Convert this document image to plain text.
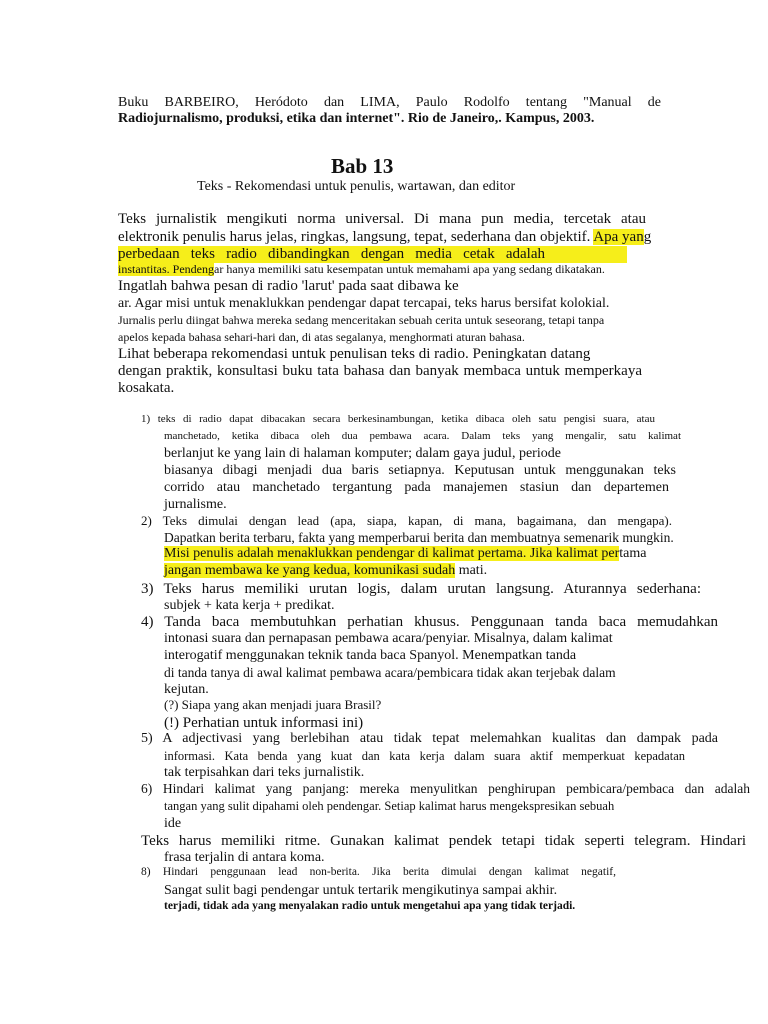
Buku BARBEIRO, Heródoto dan LIMA, Paulo Rodolfo tentang "Manual de
Radiojurnalismo, produksi, etika dan internet". Rio de Janeiro,. Kampus, 2003.
Bab 13
Teks - Rekomendasi untuk penulis, wartawan, dan editor
Teks jurnalistik mengikuti norma universal. Di mana pun media, tercetak atau
elektronik penulis harus jelas, ringkas, langsung, tepat, sederhana dan objektif. Apa yang
perbedaan teks radio dibandingkan dengan media cetak adalah
instantitas. Pendengar hanya memiliki satu kesempatan untuk memahami apa yang sedang dikatakan.
Ingatlah bahwa pesan di radio 'larut' pada saat dibawa ke
ar. Agar misi untuk menaklukkan pendengar dapat tercapai, teks harus bersifat kolokial.
Jurnalis perlu diingat bahwa mereka sedang menceritakan sebuah cerita untuk seseorang, tetapi tanpa
apelos kepada bahasa sehari-hari dan, di atas segalanya, menghormati aturan bahasa.
Lihat beberapa rekomendasi untuk penulisan teks di radio. Peningkatan datang
dengan praktik, konsultasi buku tata bahasa dan banyak membaca untuk memperkaya
kosakata.
1) teks di radio dapat dibacakan secara berkesinambungan, ketika dibaca oleh satu pengisi suara, atau
manchetado, ketika dibaca oleh dua pembawa acara. Dalam teks yang mengalir, satu kalimat
berlanjut ke yang lain di halaman komputer; dalam gaya judul, periode
biasanya dibagi menjadi dua baris setiapnya. Keputusan untuk menggunakan teks
corrido atau manchetado tergantung pada manajemen stasiun dan departemen
jurnalisme.
2) Teks dimulai dengan lead (apa, siapa, kapan, di mana, bagaimana, dan mengapa).
Dapatkan berita terbaru, fakta yang memperbarui berita dan membuatnya semenarik mungkin.
Misi penulis adalah menaklukkan pendengar di kalimat pertama. Jika kalimat pertama
jangan membawa ke yang kedua, komunikasi sudah mati.
3) Teks harus memiliki urutan logis, dalam urutan langsung. Aturannya sederhana:
subjek + kata kerja + predikat.
4) Tanda baca membutuhkan perhatian khusus. Penggunaan tanda baca memudahkan
intonasi suara dan pernapasan pembawa acara/penyiar. Misalnya, dalam kalimat
interogatif menggunakan teknik tanda baca Spanyol. Menempatkan tanda
di tanda tanya di awal kalimat pembawa acara/pembicara tidak akan terjebak dalam
kejutan.
(?) Siapa yang akan menjadi juara Brasil?
(!) Perhatian untuk informasi ini)
5) A adjectivasi yang berlebihan atau tidak tepat melemahkan kualitas dan dampak pada
informasi. Kata benda yang kuat dan kata kerja dalam suara aktif memperkuat kepadatan
tak terpisahkan dari teks jurnalistik.
6) Hindari kalimat yang panjang: mereka menyulitkan penghirupan pembicara/pembaca dan adalah
tangan yang sulit dipahami oleh pendengar. Setiap kalimat harus mengekspresikan sebuah
ide
Teks harus memiliki ritme. Gunakan kalimat pendek tetapi tidak seperti telegram. Hindari
frasa terjalin di antara koma.
8) Hindari penggunaan lead non-berita. Jika berita dimulai dengan kalimat negatif,
Sangat sulit bagi pendengar untuk tertarik mengikutinya sampai akhir.
terjadi, tidak ada yang menyalakan radio untuk mengetahui apa yang tidak terjadi.
